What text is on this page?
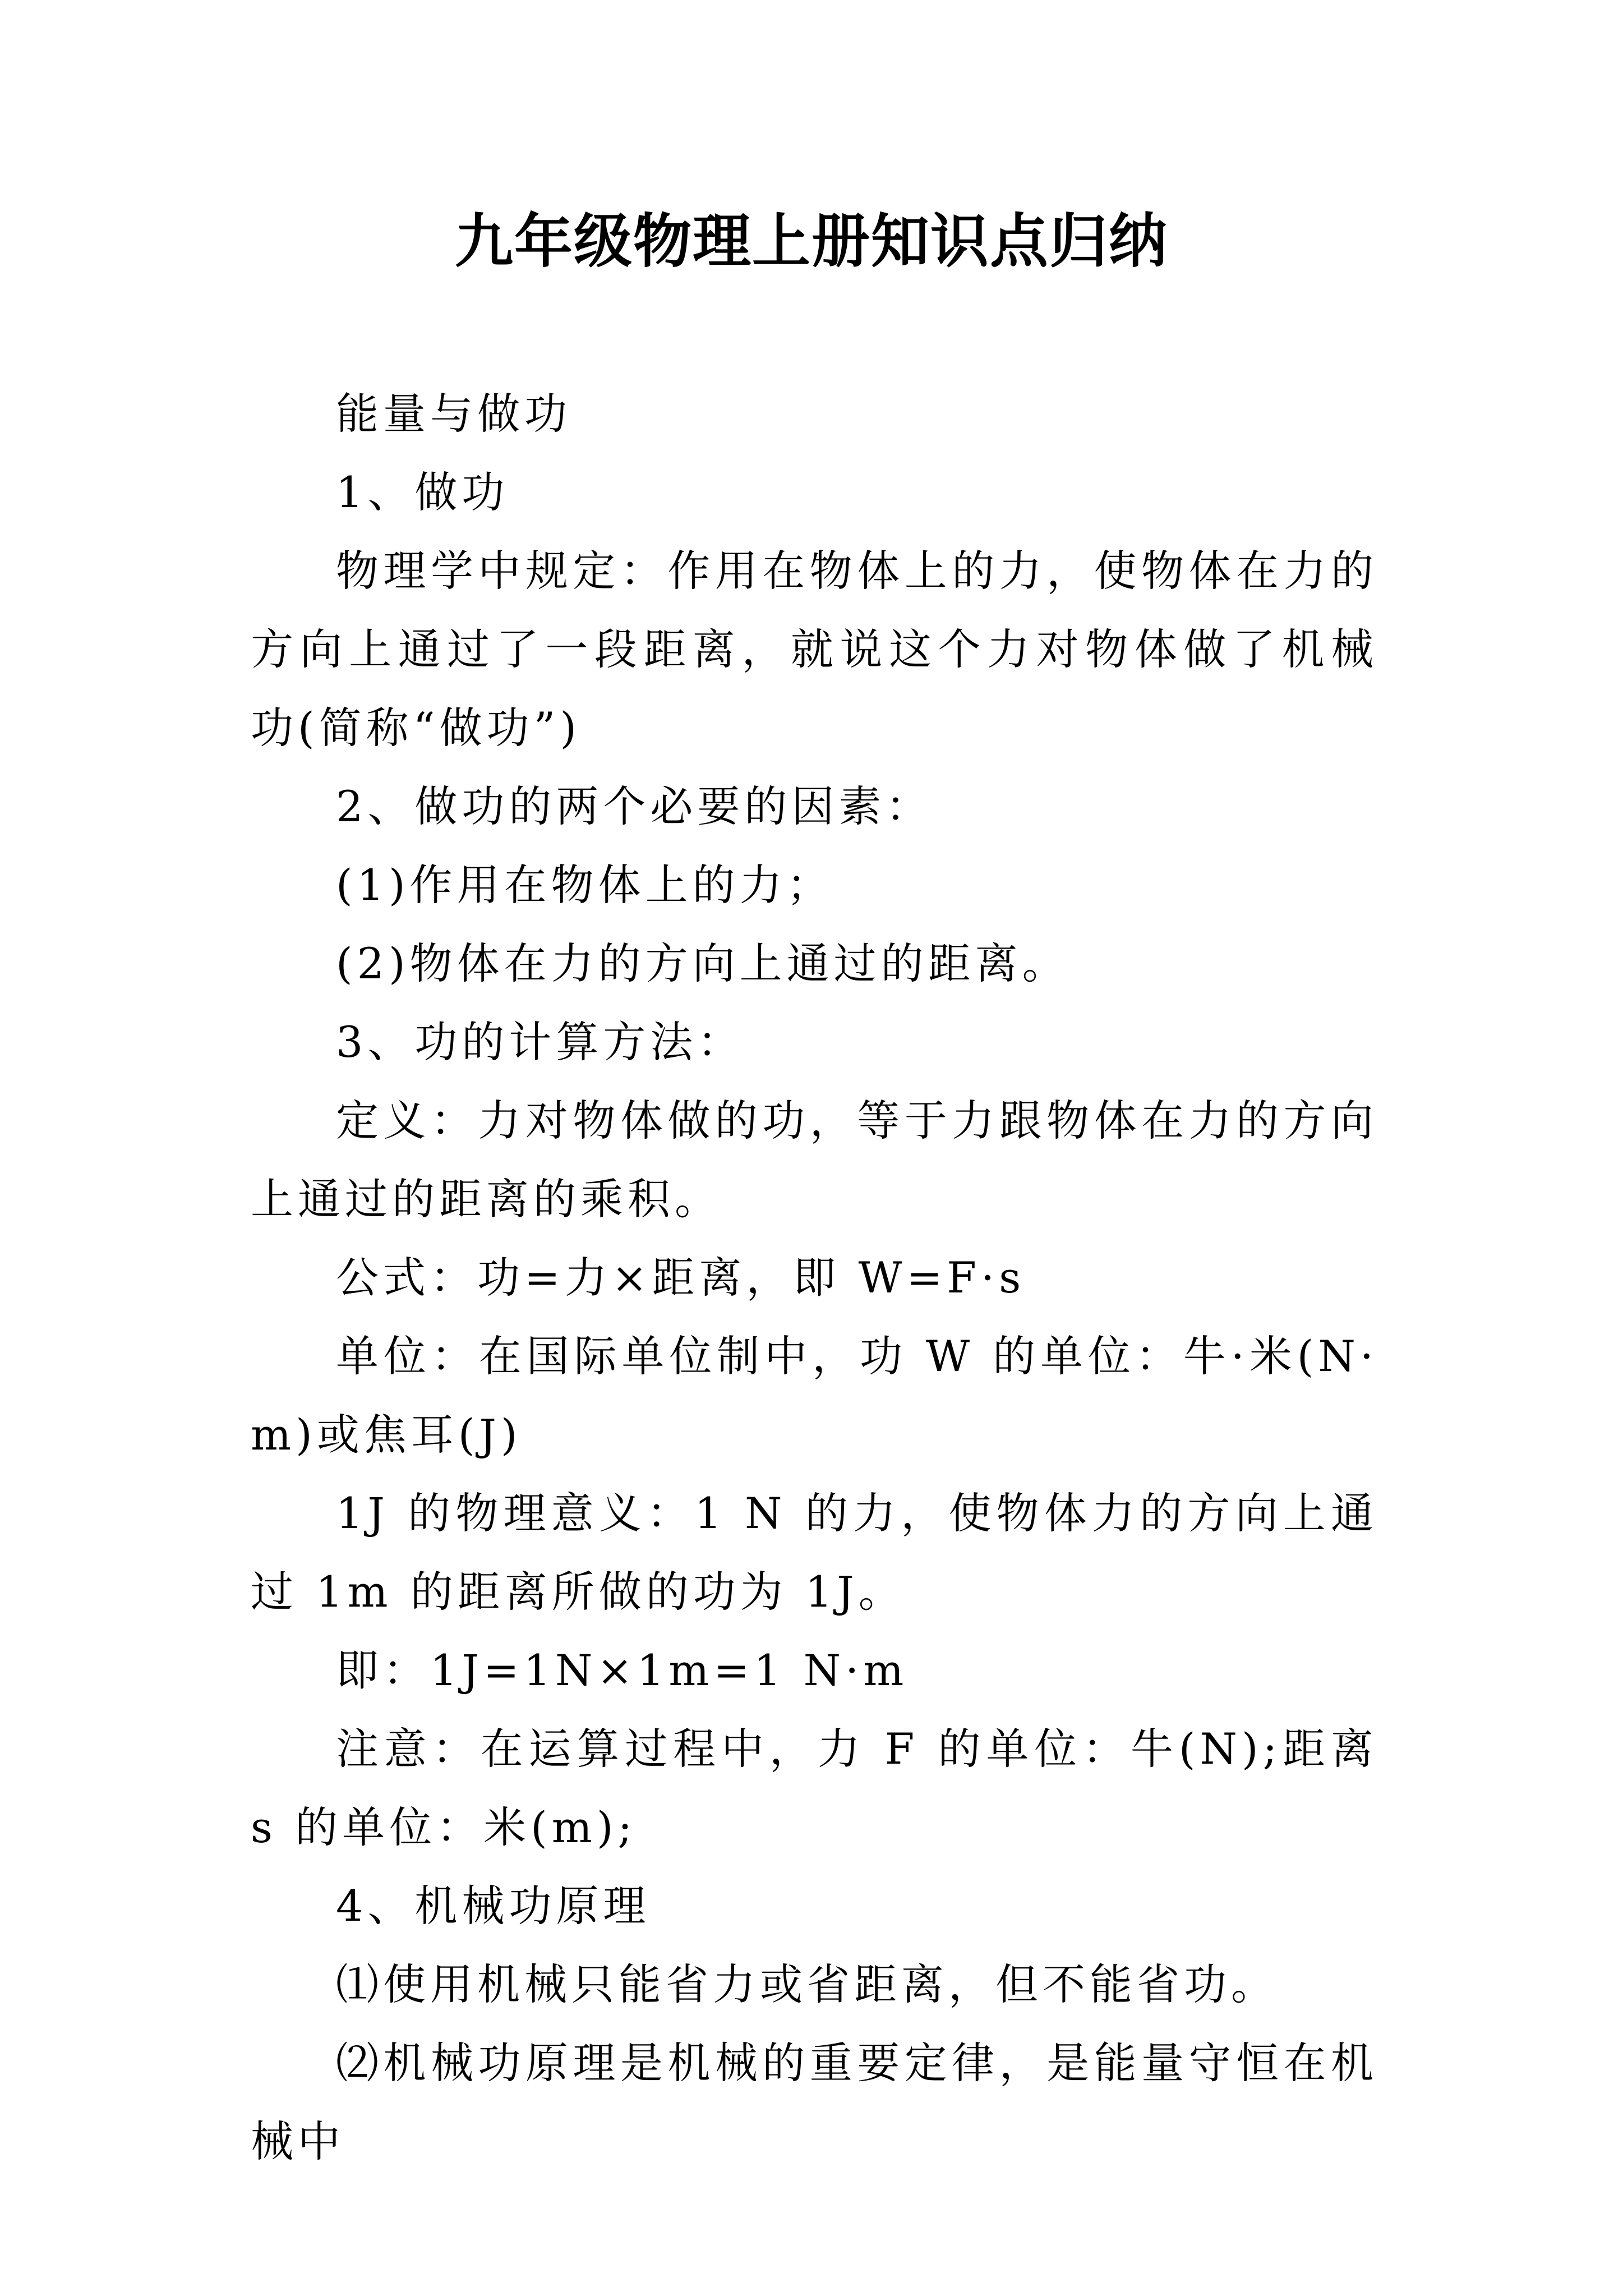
九年级物理上册知识点归纳

能量与做功

1、做功

物理学中规定：作用在物体上的力，使物体在力的方向上通过了一段距离，就说这个力对物体做了机械功(简称“做功”)

2、做功的两个必要的因素：

(1)作用在物体上的力；

(2)物体在力的方向上通过的距离。

3、功的计算方法：

定义：力对物体做的功，等于力跟物体在力的方向上通过的距离的乘积。

公式：功=力×距离，即 W=F·s

单位：在国际单位制中，功 W 的单位：牛·米(N·m)或焦耳(J)

1J 的物理意义：1 N 的力，使物体力的方向上通过 1m 的距离所做的功为 1J。

即：1J=1N×1m=1 N·m

注意：在运算过程中，力 F 的单位：牛(N);距离 s 的单位：米(m);

4、机械功原理

⑴使用机械只能省力或省距离，但不能省功。

⑵机械功原理是机械的重要定律，是能量守恒在机械中
